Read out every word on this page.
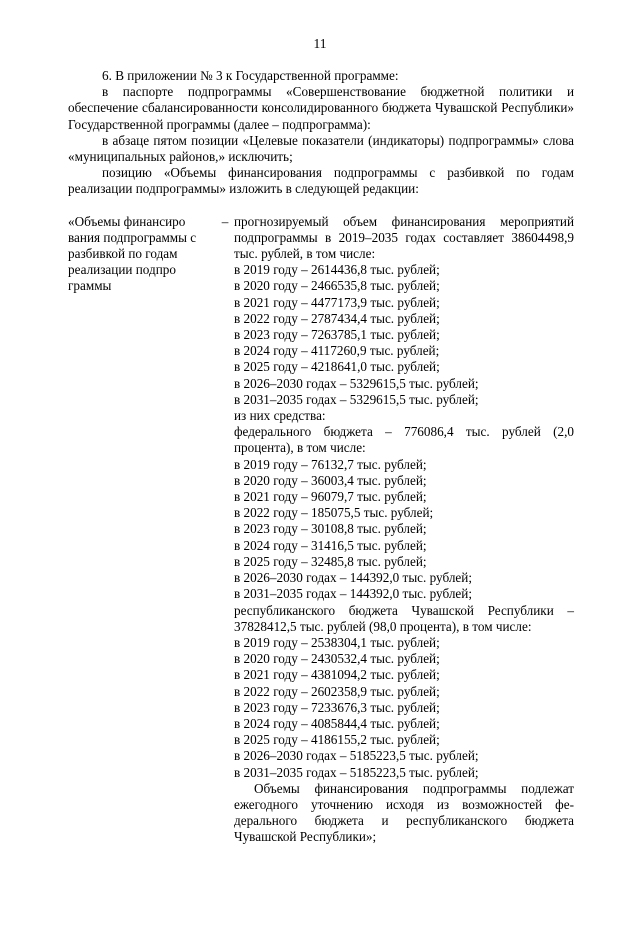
11

6. В приложении № 3 к Государственной программе:

в паспорте подпрограммы «Совершенствование бюджетной политики и обеспечение сбалансированности консолидированного бюджета Чувашской Республики» Государственной программы (далее – подпрограмма):

в абзаце пятом позиции «Целевые показатели (индикаторы) подпрограммы» слова «муниципальных районов,» исключить;

позицию «Объемы финансирования подпрограммы с разбивкой по годам реализации подпрограммы» изложить в следующей редакции:

«Объемы финансиро
вания подпрограммы с
разбивкой по годам
реализации подпро
граммы
– прогнозируемый объем финансирования мероприятий подпрограммы в 2019–2035 годах составляет 38604498,9 тыс. рублей, в том числе:
в 2019 году – 2614436,8 тыс. рублей;
в 2020 году – 2466535,8 тыс. рублей;
в 2021 году – 4477173,9 тыс. рублей;
в 2022 году – 2787434,4 тыс. рублей;
в 2023 году – 7263785,1 тыс. рублей;
в 2024 году – 4117260,9 тыс. рублей;
в 2025 году – 4218641,0 тыс. рублей;
в 2026–2030 годах – 5329615,5 тыс. рублей;
в 2031–2035 годах – 5329615,5 тыс. рублей;
из них средства:
федерального бюджета – 776086,4 тыс. рублей (2,0 процента), в том числе:
в 2019 году – 76132,7 тыс. рублей;
в 2020 году – 36003,4 тыс. рублей;
в 2021 году – 96079,7 тыс. рублей;
в 2022 году – 185075,5 тыс. рублей;
в 2023 году – 30108,8 тыс. рублей;
в 2024 году – 31416,5 тыс. рублей;
в 2025 году – 32485,8 тыс. рублей;
в 2026–2030 годах – 144392,0 тыс. рублей;
в 2031–2035 годах – 144392,0 тыс. рублей;
республиканского бюджета Чувашской Республики – 37828412,5 тыс. рублей (98,0 процента), в том числе:
в 2019 году – 2538304,1 тыс. рублей;
в 2020 году – 2430532,4 тыс. рублей;
в 2021 году – 4381094,2 тыс. рублей;
в 2022 году – 2602358,9 тыс. рублей;
в 2023 году – 7233676,3 тыс. рублей;
в 2024 году – 4085844,4 тыс. рублей;
в 2025 году – 4186155,2 тыс. рублей;
в 2026–2030 годах – 5185223,5 тыс. рублей;
в 2031–2035 годах – 5185223,5 тыс. рублей;
Объемы финансирования подпрограммы подлежат ежегодного уточнению исходя из возможностей федерального бюджета и республиканского бюджета Чувашской Республики»;
